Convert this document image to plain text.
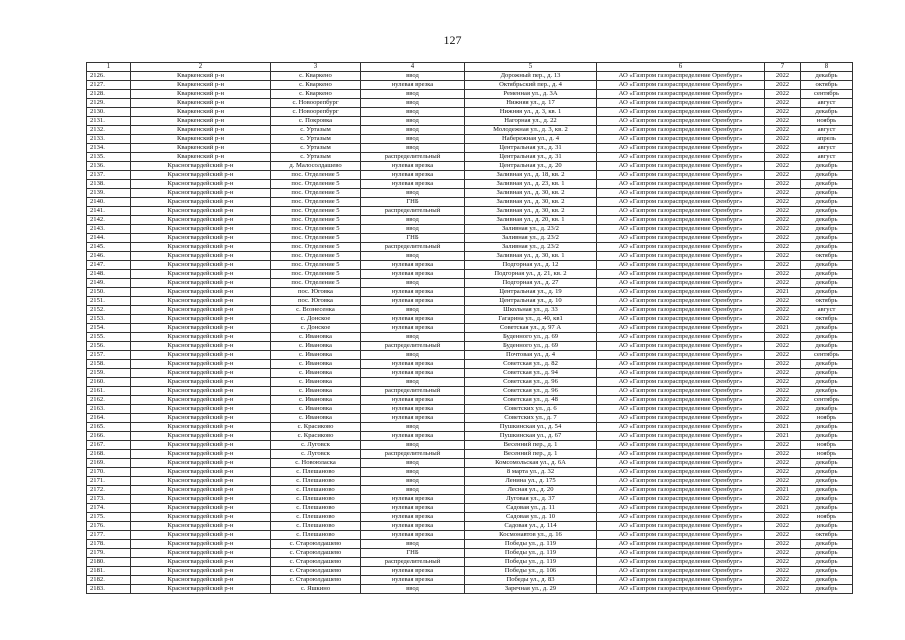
127
1	2	3	4	5	6	7	8
2126.	Кваркенский р-н	с. Кваркено	ввод	Дорожный пер., д. 13	АО «Газпром газораспределение Оренбург»	2022	декабрь
2127.	Кваркенский р-н	с. Кваркено	нулевая врезка	Октябрьский пер., д. 4	АО «Газпром газораспределение Оренбург»	2022	октябрь
2128.	Кваркенский р-н	с. Кваркено	ввод	Ременная ул., д. 3А	АО «Газпром газораспределение Оренбург»	2022	сентябрь
2129.	Кваркенский р-н	с. Новоорепбург	ввод	Нижняя ул., д. 17	АО «Газпром газораспределение Оренбург»	2022	август
2130.	Кваркенский р-н	с. Новоорепбург	ввод	Нижняя ул., д. 3, кв. 1	АО «Газпром газораспределение Оренбург»	2022	декабрь
2131.	Кваркенский р-н	с. Покровка	ввод	Нагорная ул., д. 22	АО «Газпром газораспределение Оренбург»	2022	ноябрь
2132.	Кваркенский р-н	с. Уртазым	ввод	Молодежная ул., д. 3, кв. 2	АО «Газпром газораспределение Оренбург»	2022	август
2133.	Кваркенский р-н	с. Уртазым	ввод	Набережная ул., д. 4	АО «Газпром газораспределение Оренбург»	2022	апрель
2134.	Кваркенский р-н	с. Уртазым	ввод	Центральная ул., д. 31	АО «Газпром газораспределение Оренбург»	2022	август
2135.	Кваркенский р-н	с. Уртазым	распределительный	Центральная ул., д. 31	АО «Газпром газораспределение Оренбург»	2022	август
2136.	Красногвардейский р-н	д. Малосолдашево	нулевая врезка	Центральная ул., д. 20	АО «Газпром газораспределение Оренбург»	2022	декабрь
2137.	Красногвардейский р-н	пос. Отделение 5	нулевая врезка	Заливная ул., д. 18, кв. 2	АО «Газпром газораспределение Оренбург»	2022	декабрь
2138.	Красногвардейский р-н	пос. Отделение 5	нулевая врезка	Заливная ул., д. 23, кв. 1	АО «Газпром газораспределение Оренбург»	2022	декабрь
2139.	Красногвардейский р-н	пос. Отделение 5	ввод	Заливная ул., д. 30, кв. 2	АО «Газпром газораспределение Оренбург»	2022	декабрь
2140.	Красногвардейский р-н	пос. Отделение 5	ГНБ	Заливная ул., д. 30, кв. 2	АО «Газпром газораспределение Оренбург»	2022	декабрь
2141.	Красногвардейский р-н	пос. Отделение 5	распределительный	Заливная ул., д. 30, кв. 2	АО «Газпром газораспределение Оренбург»	2022	декабрь
2142.	Красногвардейский р-н	пос. Отделение 5	ввод	Заливная ул., д. 20, кв. 1	АО «Газпром газораспределение Оренбург»	2022	декабрь
2143.	Красногвардейский р-н	пос. Отделение 5	ввод	Заливная ул., д. 23/2	АО «Газпром газораспределение Оренбург»	2022	декабрь
2144.	Красногвардейский р-н	пос. Отделение 5	ГНБ	Заливная ул., д. 23/2	АО «Газпром газораспределение Оренбург»	2022	декабрь
2145.	Красногвардейский р-н	пос. Отделение 5	распределительный	Заливная ул., д. 23/2	АО «Газпром газораспределение Оренбург»	2022	декабрь
2146.	Красногвардейский р-н	пос. Отделение 5	ввод	Заливная ул., д. 30, кв. 1	АО «Газпром газораспределение Оренбург»	2022	октябрь
2147.	Красногвардейский р-н	пос. Отделение 5	нулевая врезка	Подгорная ул., д. 12	АО «Газпром газораспределение Оренбург»	2022	декабрь
2148.	Красногвардейский р-н	пос. Отделение 5	нулевая врезка	Подгорная ул., д. 21, кв. 2	АО «Газпром газораспределение Оренбург»	2022	декабрь
2149.	Красногвардейский р-н	пос. Отделение 5	ввод	Подгорная ул., д. 27	АО «Газпром газораспределение Оренбург»	2022	декабрь
2150.	Красногвардейский р-н	пос. Юговка	нулевая врезка	Центральная ул., д. 19	АО «Газпром газораспределение Оренбург»	2021	декабрь
2151.	Красногвардейский р-н	пос. Юговка	нулевая врезка	Центральная ул., д. 10	АО «Газпром газораспределение Оренбург»	2022	октябрь
2152.	Красногвардейский р-н	с. Вознесенка	ввод	Школьная ул., д. 33	АО «Газпром газораспределение Оренбург»	2022	август
2153.	Красногвардейский р-н	с. Донское	нулевая врезка	Гагарина ул., д. 40, кв1	АО «Газпром газораспределение Оренбург»	2022	октябрь
2154.	Красногвардейский р-н	с. Донское	нулевая врезка	Советская ул., д. 97 А	АО «Газпром газораспределение Оренбург»	2021	декабрь
2155.	Красногвардейский р-н	с. Ивановка	ввод	Буденного ул., д. 69	АО «Газпром газораспределение Оренбург»	2022	декабрь
2156.	Красногвардейский р-н	с. Ивановка	распределительный	Буденного ул., д. 69	АО «Газпром газораспределение Оренбург»	2022	декабрь
2157.	Красногвардейский р-н	с. Ивановка	ввод	Почтовая ул., д. 4	АО «Газпром газораспределение Оренбург»	2022	сентябрь
2158.	Красногвардейский р-н	с. Ивановка	нулевая врезка	Советская ул., д. 82	АО «Газпром газораспределение Оренбург»	2022	декабрь
2159.	Красногвардейский р-н	с. Ивановка	нулевая врезка	Советская ул., д. 94	АО «Газпром газораспределение Оренбург»	2022	декабрь
2160.	Красногвардейский р-н	с. Ивановка	ввод	Советская ул., д. 96	АО «Газпром газораспределение Оренбург»	2022	декабрь
2161.	Красногвардейский р-н	с. Ивановка	распределительный	Советская ул., д. 96	АО «Газпром газораспределение Оренбург»	2022	декабрь
2162.	Красногвардейский р-н	с. Ивановка	нулевая врезка	Советская ул., д. 48	АО «Газпром газораспределение Оренбург»	2022	сентябрь
2163.	Красногвардейский р-н	с. Ивановка	нулевая врезка	Советских ул., д. 6	АО «Газпром газораспределение Оренбург»	2022	декабрь
2164.	Красногвардейский р-н	с. Ивановка	нулевая врезка	Советских ул., д. 7	АО «Газпром газораспределение Оренбург»	2022	ноябрь
2165.	Красногвардейский р-н	с. Красиково	ввод	Пушкинская ул., д. 54	АО «Газпром газораспределение Оренбург»	2021	декабрь
2166.	Красногвардейский р-н	с. Красиково	нулевая врезка	Пушкинская ул., д. 67	АО «Газпром газораспределение Оренбург»	2021	декабрь
2167.	Красногвардейский р-н	с. Луговск	ввод	Весенний пер., д. 1	АО «Газпром газораспределение Оренбург»	2022	ноябрь
2168.	Красногвардейский р-н	с. Луговск	распределительный	Весенний пер., д. 1	АО «Газпром газораспределение Оренбург»	2022	ноябрь
2169.	Красногвардейский р-н	с. Новоюласка	ввод	Комсомольская ул., д. 6А	АО «Газпром газораспределение Оренбург»	2022	декабрь
2170.	Красногвардейский р-н	с. Плешаново	ввод	8 марта ул., д. 32	АО «Газпром газораспределение Оренбург»	2022	декабрь
2171.	Красногвардейский р-н	с. Плешаново	ввод	Ленина ул., д. 175	АО «Газпром газораспределение Оренбург»	2022	декабрь
2172.	Красногвардейский р-н	с. Плешаново	ввод	Лесная ул., д. 20	АО «Газпром газораспределение Оренбург»	2021	декабрь
2173.	Красногвардейский р-н	с. Плешаново	нулевая врезка	Луговая ул., д. 37	АО «Газпром газораспределение Оренбург»	2022	декабрь
2174.	Красногвардейский р-н	с. Плешаново	нулевая врезка	Садовая ул., д. 11	АО «Газпром газораспределение Оренбург»	2021	декабрь
2175.	Красногвардейский р-н	с. Плешаново	нулевая врезка	Садовая ул., д. 10	АО «Газпром газораспределение Оренбург»	2022	ноябрь
2176.	Красногвардейский р-н	с. Плешаново	нулевая врезка	Садовая ул., д. 114	АО «Газпром газораспределение Оренбург»	2022	декабрь
2177.	Красногвардейский р-н	с. Плешаново	нулевая врезка	Космонавтов ул., д. 16	АО «Газпром газораспределение Оренбург»	2022	октябрь
2178.	Красногвардейский р-н	с. Староюлдашево	ввод	Победы ул., д. 119	АО «Газпром газораспределение Оренбург»	2022	декабрь
2179.	Красногвардейский р-н	с. Староюлдашево	ГНБ	Победы ул., д. 119	АО «Газпром газораспределение Оренбург»	2022	декабрь
2180.	Красногвардейский р-н	с. Староюлдашево	распределительный	Победы ул., д. 119	АО «Газпром газораспределение Оренбург»	2022	декабрь
2181.	Красногвардейский р-н	с. Староюлдашево	нулевая врезка	Победы ул., д. 106	АО «Газпром газораспределение Оренбург»	2022	декабрь
2182.	Красногвардейский р-н	с. Староюлдашево	нулевая врезка	Победы ул., д. 83	АО «Газпром газораспределение Оренбург»	2022	декабрь
2183.	Красногвардейский р-н	с. Яшкино	ввод	Заречная ул., д. 29	АО «Газпром газораспределение Оренбург»	2022	декабрь
